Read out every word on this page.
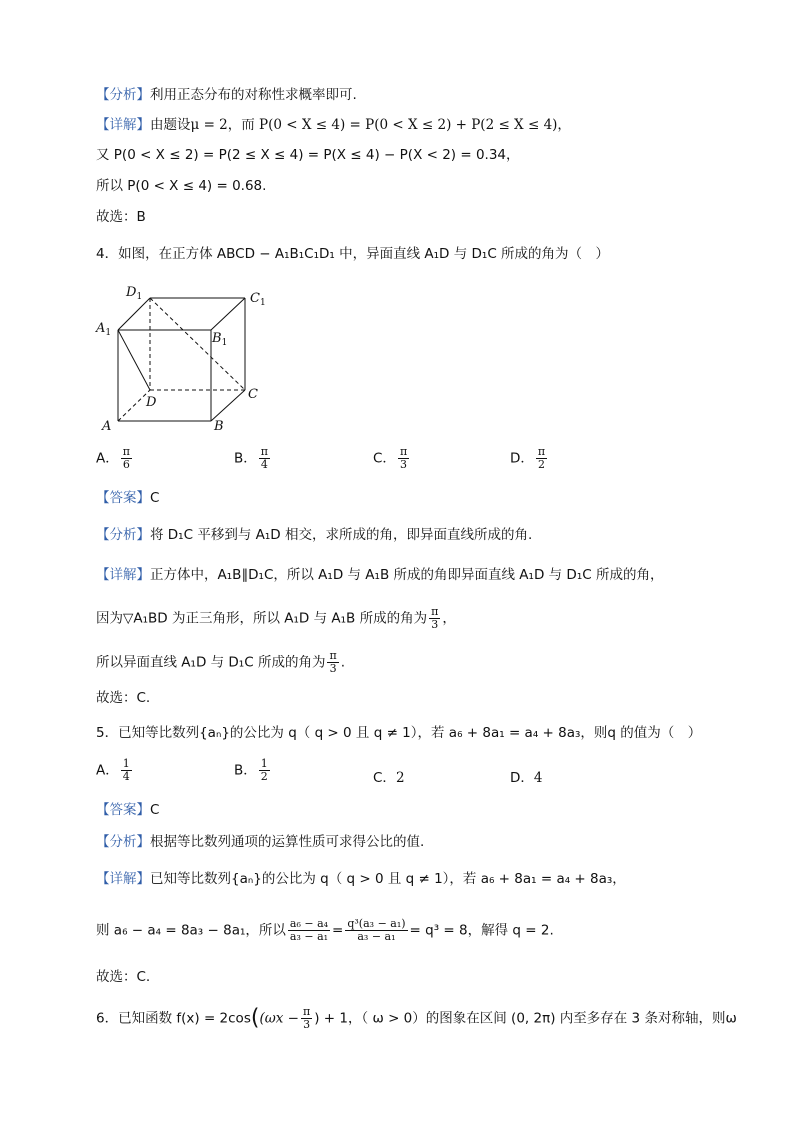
【分析】利用正态分布的对称性求概率即可.
【详解】由题设μ = 2，而 P(0 < X ≤ 4) = P(0 < X ≤ 2) + P(2 ≤ X ≤ 4)，
又 P(0 < X ≤ 2) = P(2 ≤ X ≤ 4) = P(X ≤ 4) − P(X < 2) = 0.34，
所以 P(0 < X ≤ 4) = 0.68.
故选：B
4．如图，在正方体 ABCD − A₁B₁C₁D₁ 中，异面直线 A₁D 与 D₁C 所成的角为（　）
$D_1$	$C_1$
$A_1$	$B_1$
D
C
A	B
A． $\frac{\pi}{6}$	B． $\frac{\pi}{4}$	C． $\frac{\pi}{3}$	D． $\frac{\pi}{2}$
【答案】C
【分析】将 D₁C 平移到与 A₁D 相交，求所成的角，即异面直线所成的角.
【详解】正方体中，A₁B∥D₁C，所以 A₁D 与 A₁B 所成的角即异面直线 A₁D 与 D₁C 所成的角，
因为▽A₁BD 为正三角形，所以 A₁D 与 A₁B 所成的角为 $\frac{\pi}{3}$ ，
所以异面直线 A₁D 与 D₁C 所成的角为 $\frac{\pi}{3}$ .
故选：C.
5．已知等比数列{aₙ}的公比为 q（ q > 0 且 q ≠ 1），若 a₆ + 8a₁ = a₄ + 8a₃，则q 的值为（　）
A． $\frac{1}{4}$	B． $\frac{1}{2}$	C．2	D．4
【答案】C
【分析】根据等比数列通项的运算性质可求得公比的值.
【详解】已知等比数列{aₙ}的公比为 q（ q > 0 且 q ≠ 1），若 a₆ + 8a₁ = a₄ + 8a₃，
则 a₆ − a₄ = 8a₃ − 8a₁，所以 $\frac{\text{a₆ − a₄}}{\text{a₃ − a₁}} = \frac{\text{q³(a₃ − a₁)}}{\text{a₃ − a₁}} = q^3 = 8$，解得 q = 2.
故选：C.
6．已知函数 $f(x) = 2\cos((\omega x - \frac{\pi}{3}$ ) + 1，（ ω > 0）的图象在区间 (0, 2π) 内至多存在 3 条对称轴，则ω
